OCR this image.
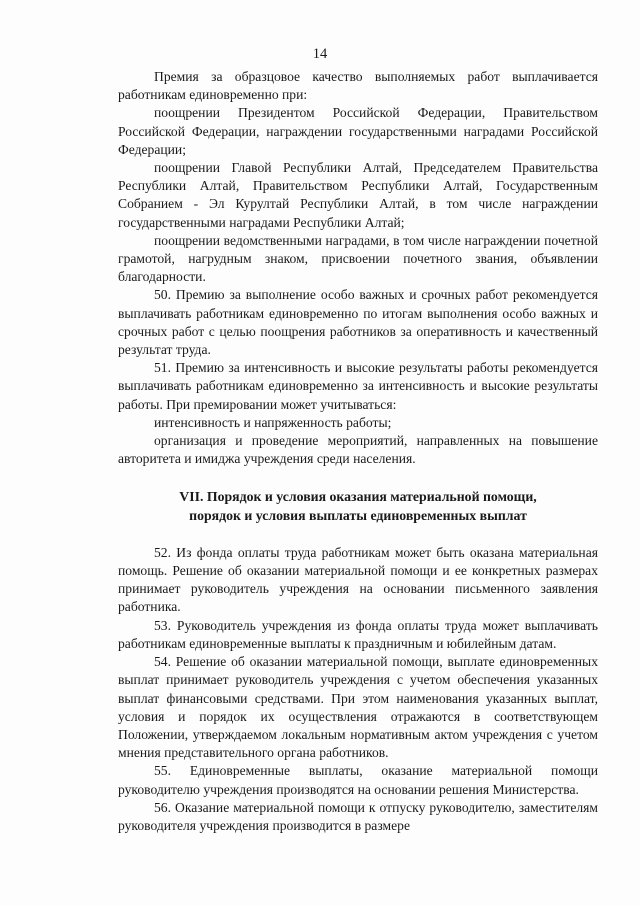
14

Премия за образцовое качество выполняемых работ выплачивается работникам единовременно при:

поощрении Президентом Российской Федерации, Правительством Российской Федерации, награждении государственными наградами Российской Федерации;

поощрении Главой Республики Алтай, Председателем Правительства Республики Алтай, Правительством Республики Алтай, Государственным Собранием - Эл Курултай Республики Алтай, в том числе награждении государственными наградами Республики Алтай;

поощрении ведомственными наградами, в том числе награждении почетной грамотой, нагрудным знаком, присвоении почетного звания, объявлении благодарности.

50. Премию за выполнение особо важных и срочных работ рекомендуется выплачивать работникам единовременно по итогам выполнения особо важных и срочных работ с целью поощрения работников за оперативность и качественный результат труда.

51. Премию за интенсивность и высокие результаты работы рекомендуется выплачивать работникам единовременно за интенсивность и высокие результаты работы. При премировании может учитываться:

интенсивность и напряженность работы;

организация и проведение мероприятий, направленных на повышение авторитета и имиджа учреждения среди населения.

VII. Порядок и условия оказания материальной помощи,
порядок и условия выплаты единовременных выплат

52. Из фонда оплаты труда работникам может быть оказана материальная помощь. Решение об оказании материальной помощи и ее конкретных размерах принимает руководитель учреждения на основании письменного заявления работника.

53. Руководитель учреждения из фонда оплаты труда может выплачивать работникам единовременные выплаты к праздничным и юбилейным датам.

54. Решение об оказании материальной помощи, выплате единовременных выплат принимает руководитель учреждения с учетом обеспечения указанных выплат финансовыми средствами. При этом наименования указанных выплат, условия и порядок их осуществления отражаются в соответствующем Положении, утверждаемом локальным нормативным актом учреждения с учетом мнения представительного органа работников.

55. Единовременные выплаты, оказание материальной помощи руководителю учреждения производятся на основании решения Министерства.

56. Оказание материальной помощи к отпуску руководителю, заместителям руководителя учреждения производится в размере
